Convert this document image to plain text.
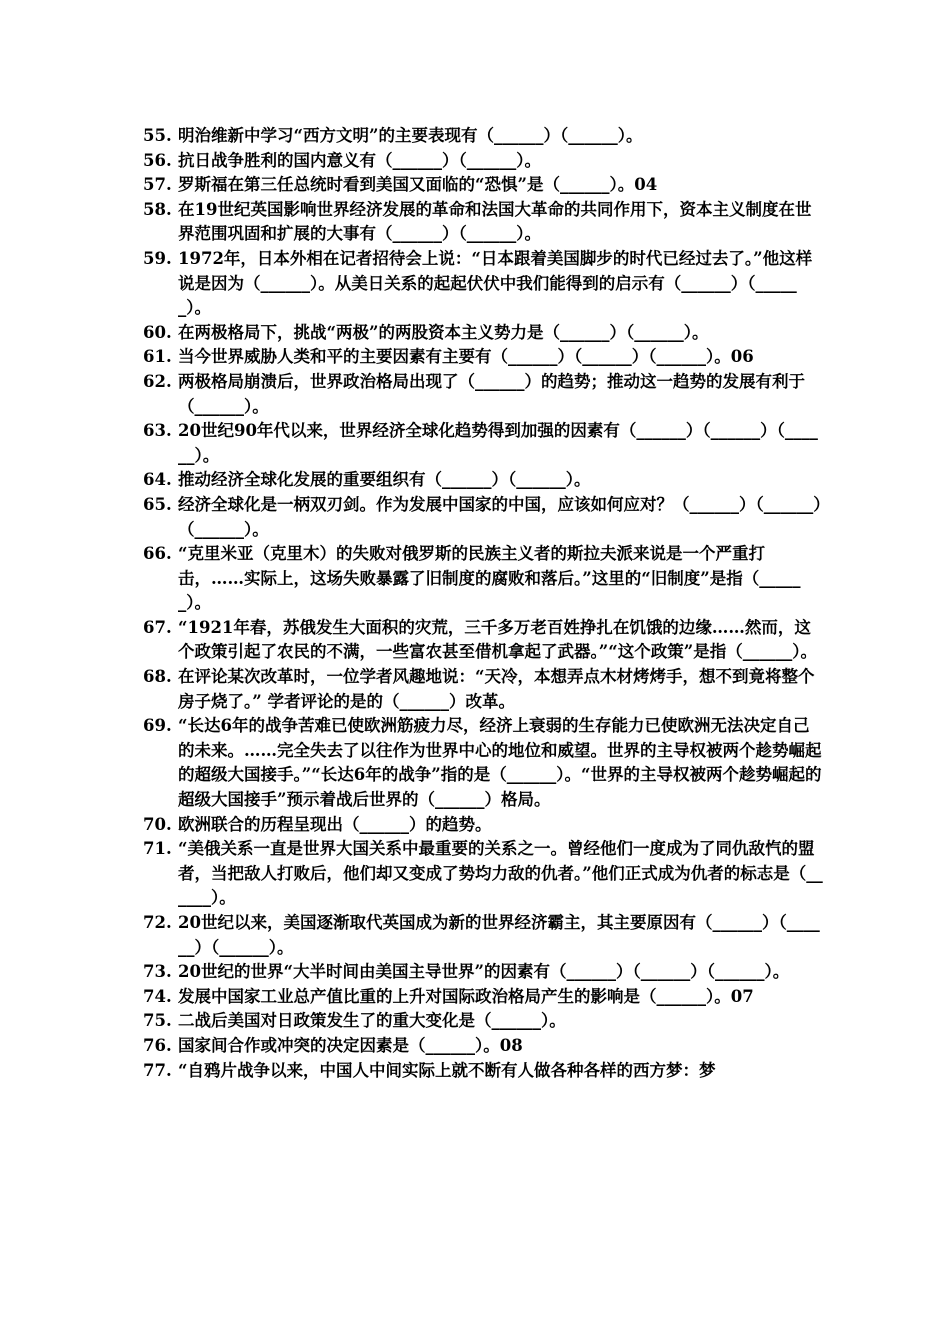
55. 明治维新中学习“西方文明”的主要表现有（______）（______）。
56. 抗日战争胜利的国内意义有（______）（______）。
57. 罗斯福在第三任总统时看到美国又面临的“恐惧”是（______）。04
58. 在19世纪英国影响世界经济发展的革命和法国大革命的共同作用下，资本主义制度在世界范围巩固和扩展的大事有（______）（______）。
59. 1972年，日本外相在记者招待会上说：“日本跟着美国脚步的时代已经过去了。”他这样说是因为（______）。从美日关系的起起伏伏中我们能得到的启示有（______）（______）。
60. 在两极格局下，挑战“两极”的两股资本主义势力是（______）（______）。
61. 当今世界威胁人类和平的主要因素有主要有（______）（______）（______）。06
62. 两极格局崩溃后，世界政治格局出现了（______）的趋势；推动这一趋势的发展有利于（______）。
63. 20世纪90年代以来，世界经济全球化趋势得到加强的因素有（______）（______）（______）。
64. 推动经济全球化发展的重要组织有（______）（______）。
65. 经济全球化是一柄双刃剑。作为发展中国家的中国，应该如何应对？（______）（______）（______）。
66. “克里米亚（克里木）的失败对俄罗斯的民族主义者的斯拉夫派来说是一个严重打击，……实际上，这场失败暴露了旧制度的腐败和落后。”这里的“旧制度”是指（______）。
67. “1921年春，苏俄发生大面积的灾荒，三千多万老百姓挣扎在饥饿的边缘……然而，这个政策引起了农民的不满，一些富农甚至借机拿起了武器。”“这个政策”是指（______）。
68. 在评论某次改革时，一位学者风趣地说：“天冷，本想弄点木材烤烤手，想不到竟将整个房子烧了。” 学者评论的是的（______）改革。
69. “长达6年的战争苦难已使欧洲筋疲力尽，经济上衰弱的生存能力已使欧洲无法决定自己的未来。……完全失去了以往作为世界中心的地位和威望。世界的主导权被两个趁势崛起的超级大国接手。”“长达6年的战争”指的是（______）。“世界的主导权被两个趁势崛起的超级大国接手”预示着战后世界的（______）格局。
70. 欧洲联合的历程呈现出（______）的趋势。
71. “美俄关系一直是世界大国关系中最重要的关系之一。曾经他们一度成为了同仇敌忾的盟者，当把敌人打败后，他们却又变成了势均力敌的仇者。”他们正式成为仇者的标志是（______）。
72. 20世纪以来，美国逐渐取代英国成为新的世界经济霸主，其主要原因有（______）（______）（______）。
73. 20世纪的世界“大半时间由美国主导世界”的因素有（______）（______）（______）。
74. 发展中国家工业总产值比重的上升对国际政治格局产生的影响是（______）。07
75. 二战后美国对日政策发生了的重大变化是（______）。
76. 国家间合作或冲突的决定因素是（______）。08
77. “自鸦片战争以来，中国人中间实际上就不断有人做各种各样的西方梦：梦
